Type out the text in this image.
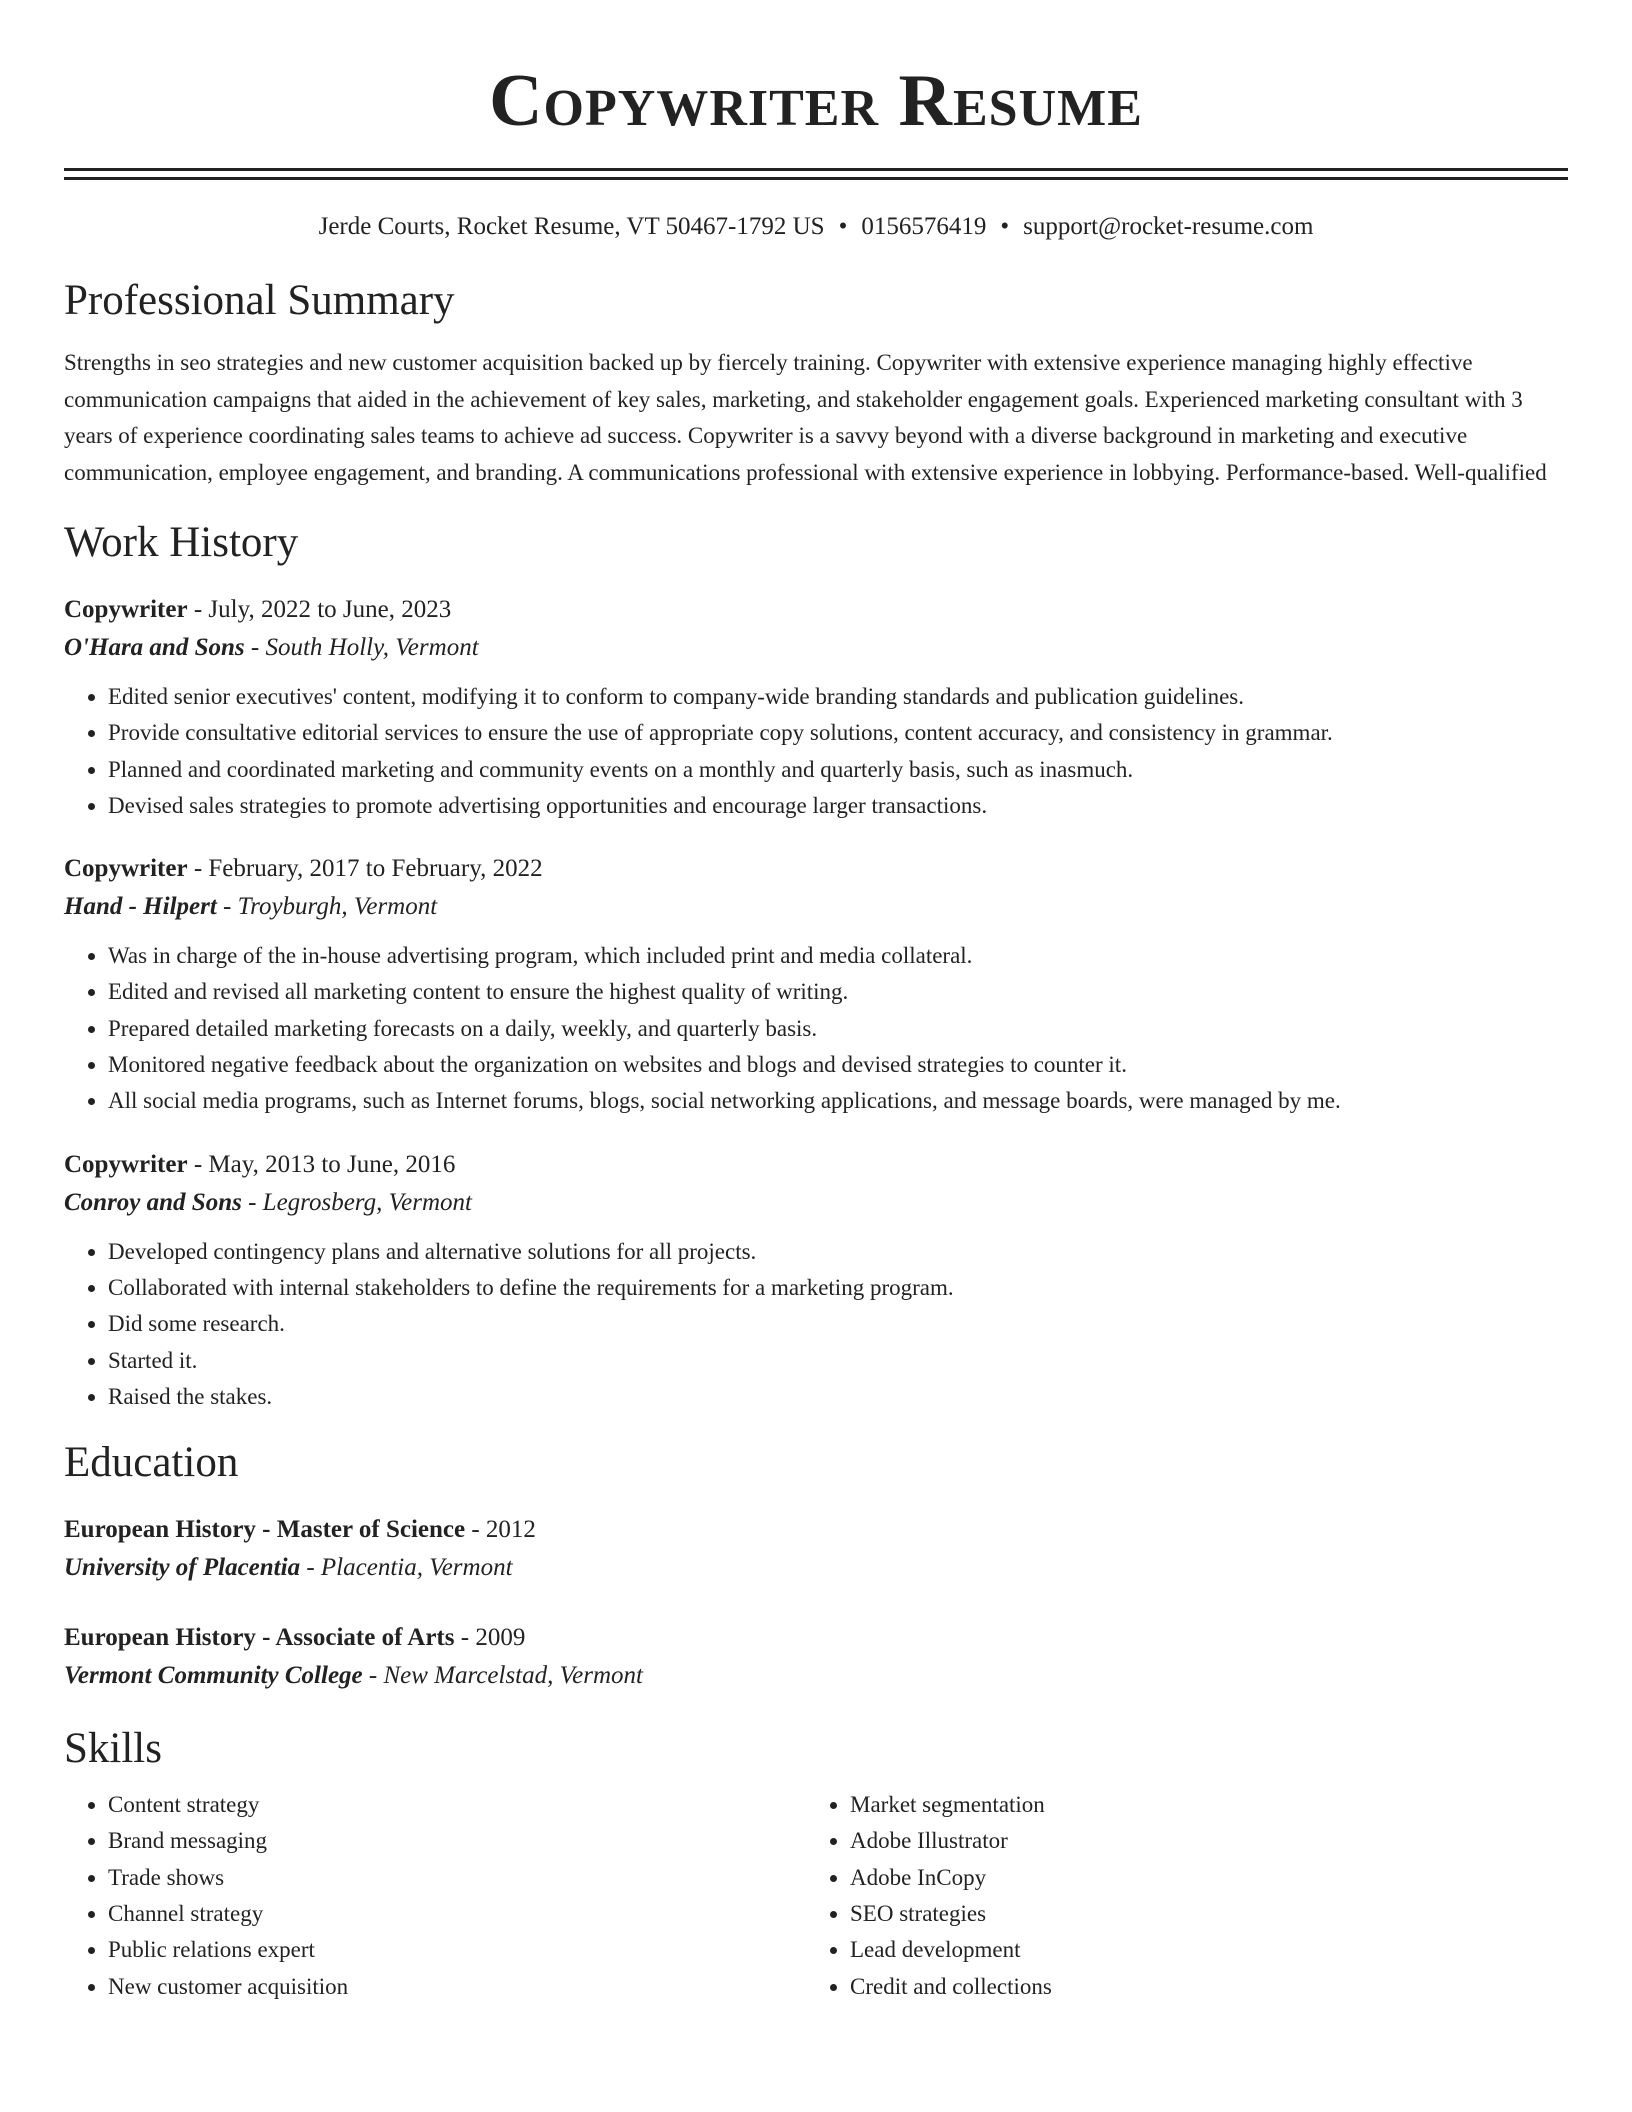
Copywriter Resume
Jerde Courts, Rocket Resume, VT 50467-1792 US • 0156576419 • support@rocket-resume.com
Professional Summary
Strengths in seo strategies and new customer acquisition backed up by fiercely training. Copywriter with extensive experience managing highly effective communication campaigns that aided in the achievement of key sales, marketing, and stakeholder engagement goals. Experienced marketing consultant with 3 years of experience coordinating sales teams to achieve ad success. Copywriter is a savvy beyond with a diverse background in marketing and executive communication, employee engagement, and branding. A communications professional with extensive experience in lobbying. Performance-based. Well-qualified
Work History
Copywriter - July, 2022 to June, 2023
O'Hara and Sons - South Holly, Vermont
• Edited senior executives' content, modifying it to conform to company-wide branding standards and publication guidelines.
• Provide consultative editorial services to ensure the use of appropriate copy solutions, content accuracy, and consistency in grammar.
• Planned and coordinated marketing and community events on a monthly and quarterly basis, such as inasmuch.
• Devised sales strategies to promote advertising opportunities and encourage larger transactions.
Copywriter - February, 2017 to February, 2022
Hand - Hilpert - Troyburgh, Vermont
• Was in charge of the in-house advertising program, which included print and media collateral.
• Edited and revised all marketing content to ensure the highest quality of writing.
• Prepared detailed marketing forecasts on a daily, weekly, and quarterly basis.
• Monitored negative feedback about the organization on websites and blogs and devised strategies to counter it.
• All social media programs, such as Internet forums, blogs, social networking applications, and message boards, were managed by me.
Copywriter - May, 2013 to June, 2016
Conroy and Sons - Legrosberg, Vermont
• Developed contingency plans and alternative solutions for all projects.
• Collaborated with internal stakeholders to define the requirements for a marketing program.
• Did some research.
• Started it.
• Raised the stakes.
Education
European History - Master of Science - 2012
University of Placentia - Placentia, Vermont
European History - Associate of Arts - 2009
Vermont Community College - New Marcelstad, Vermont
Skills
• Content strategy
• Brand messaging
• Trade shows
• Channel strategy
• Public relations expert
• New customer acquisition
• Market segmentation
• Adobe Illustrator
• Adobe InCopy
• SEO strategies
• Lead development
• Credit and collections
